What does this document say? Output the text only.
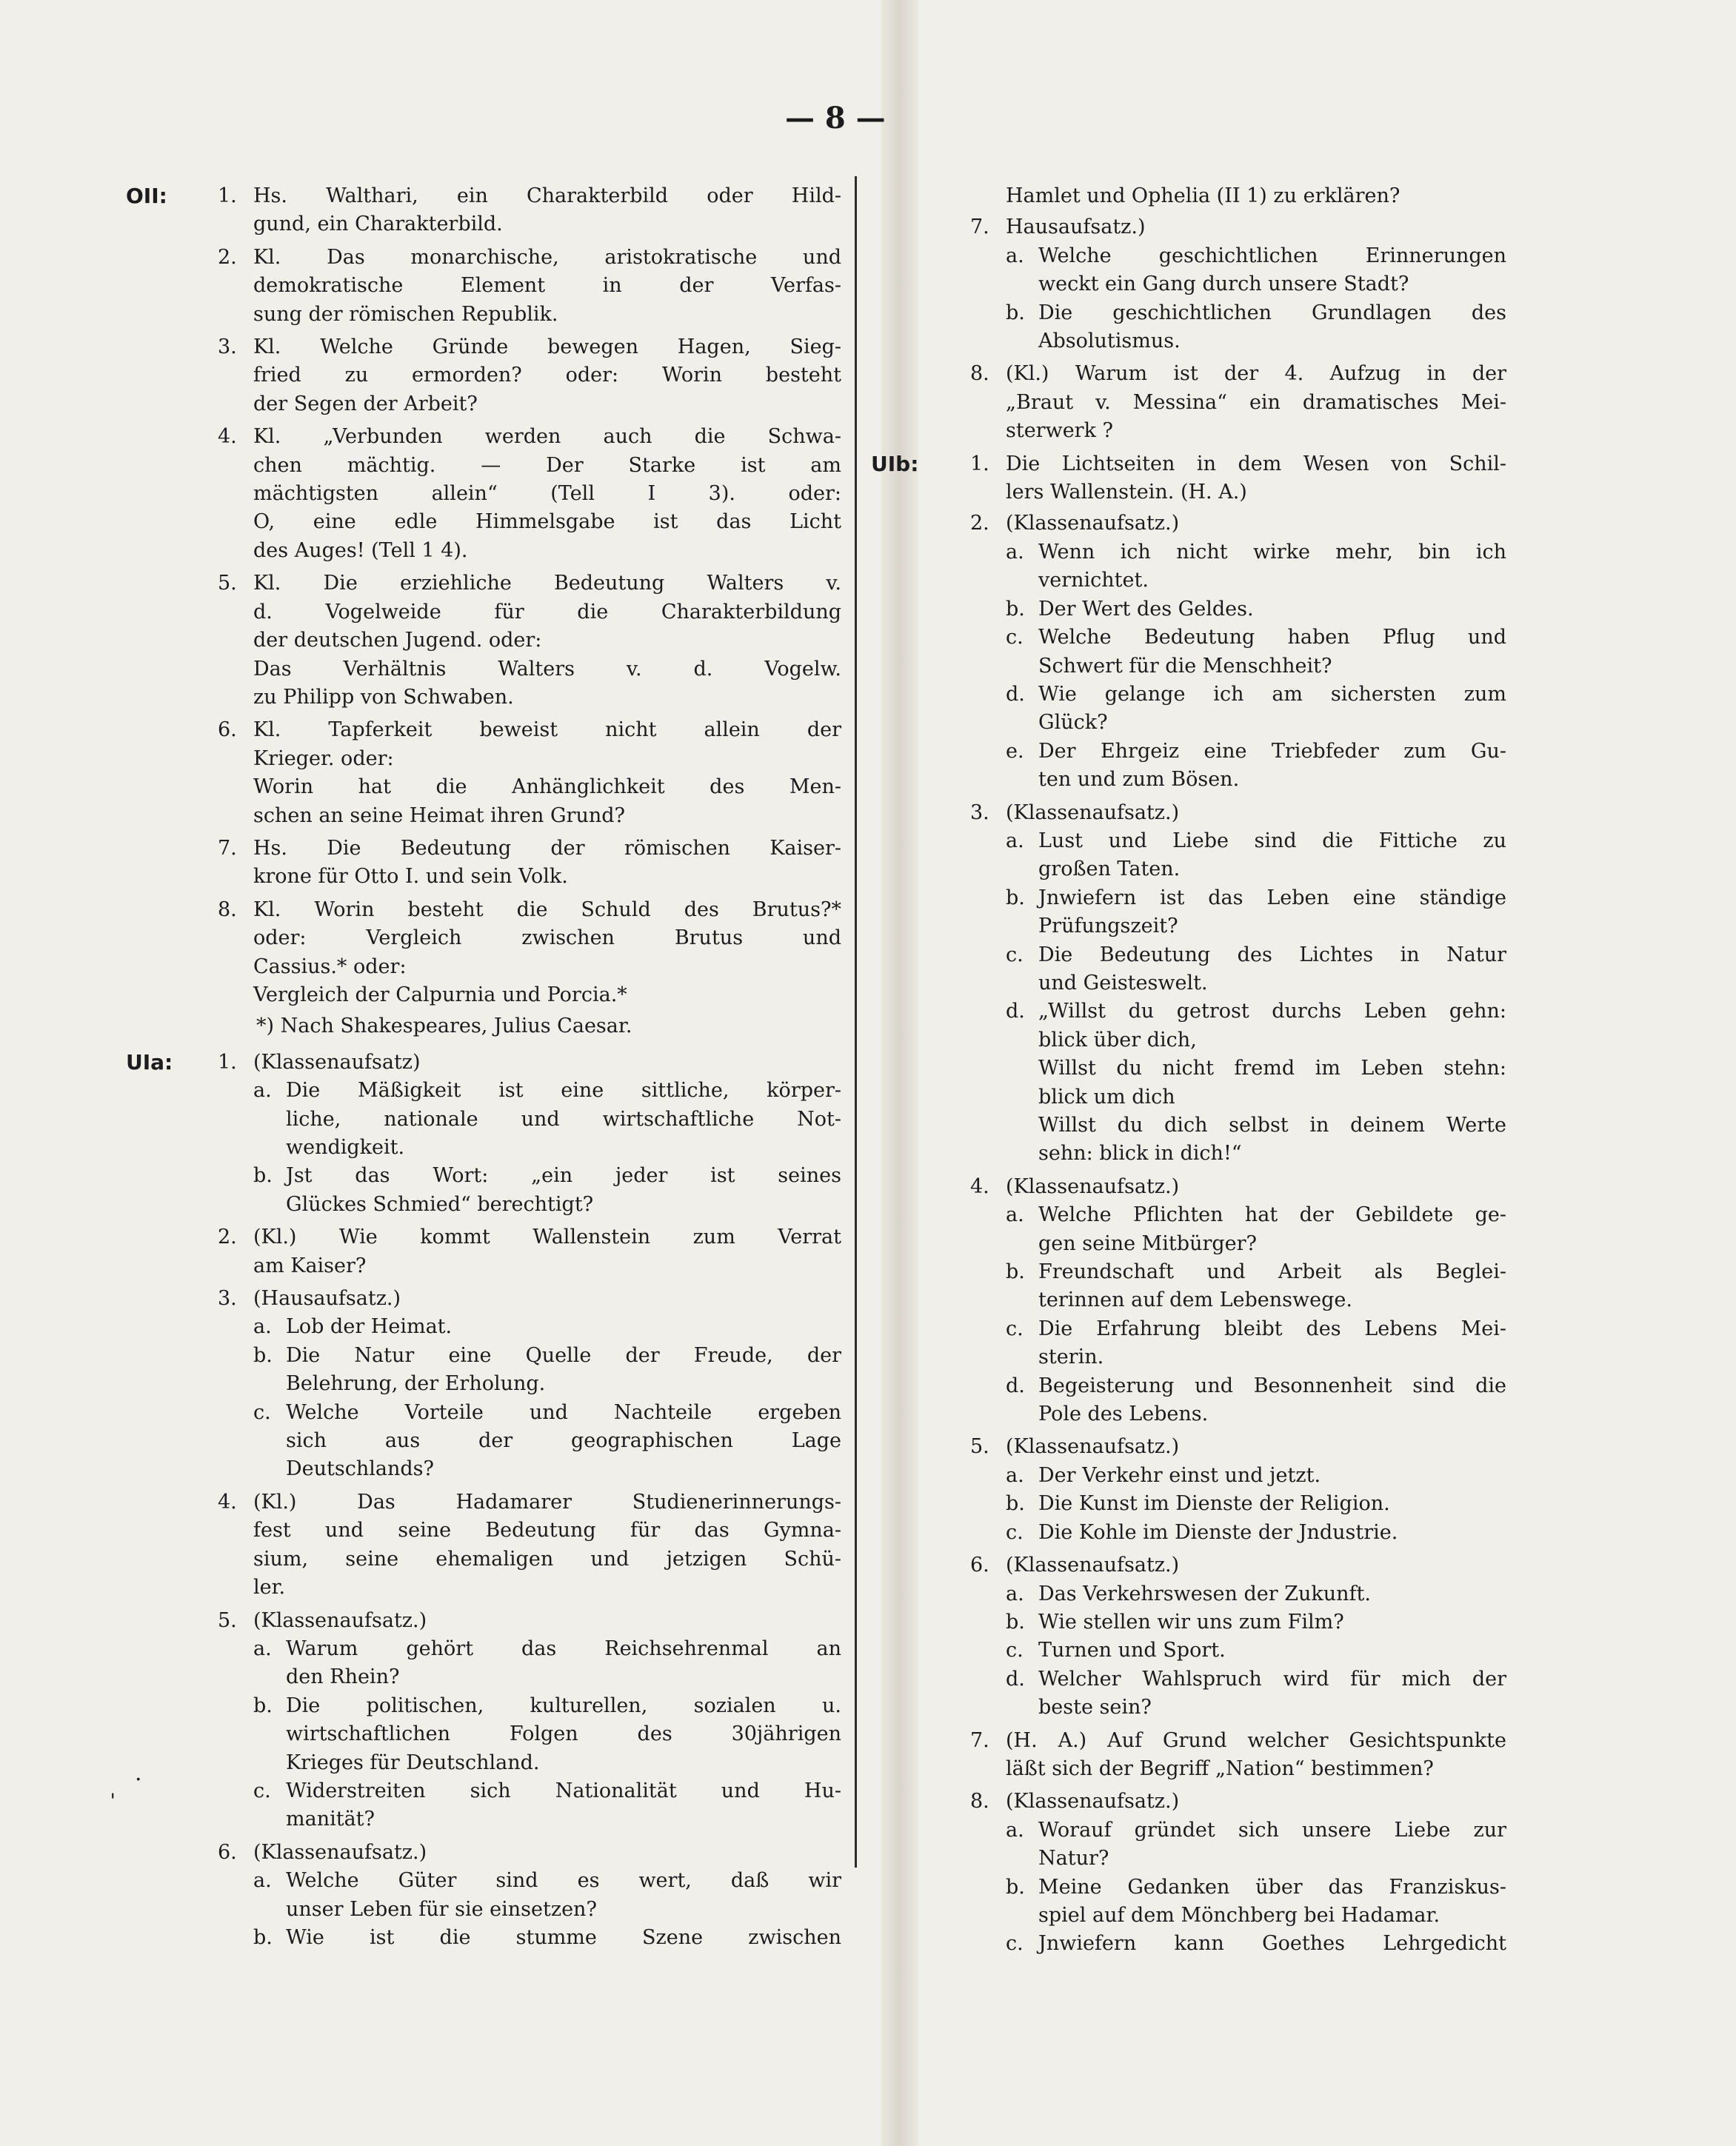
— 8 —
OII:	1. Hs. Walthari, ein Charakterbild oder Hild-
gund, ein Charakterbild.
2. Kl. Das monarchische, aristokratische und
demokratische Element in der Verfas-
sung der römischen Republik.
3. Kl. Welche Gründe bewegen Hagen, Sieg-
fried zu ermorden? oder: Worin besteht
der Segen der Arbeit?
4. Kl. „Verbunden werden auch die Schwa-
chen mächtig. — Der Starke ist am
mächtigsten allein“ (Tell I 3). oder:
O, eine edle Himmelsgabe ist das Licht
des Auges! (Tell 1 4).
5. Kl. Die erziehliche Bedeutung Walters v.
d. Vogelweide für die Charakterbildung
der deutschen Jugend. oder:
Das Verhältnis Walters v. d. Vogelw.
zu Philipp von Schwaben.
6. Kl. Tapferkeit beweist nicht allein der
Krieger. oder:
Worin hat die Anhänglichkeit des Men-
schen an seine Heimat ihren Grund?
7. Hs. Die Bedeutung der römischen Kaiser-
krone für Otto I. und sein Volk.
8. Kl. Worin besteht die Schuld des Brutus?*
oder: Vergleich zwischen Brutus und
Cassius.* oder:
Vergleich der Calpurnia und Porcia.*
*) Nach Shakespeares, Julius Caesar.
UIa: 1. (Klassenaufsatz)
a. Die Mäßigkeit ist eine sittliche, körper-
liche, nationale und wirtschaftliche Not-
wendigkeit.
b. Jst das Wort: „ein jeder ist seines
Glückes Schmied“ berechtigt?
2. (Kl.) Wie kommt Wallenstein zum Verrat
am Kaiser?
3. (Hausaufsatz.)
a. Lob der Heimat.
b. Die Natur eine Quelle der Freude, der
Belehrung, der Erholung.
c. Welche Vorteile und Nachteile ergeben
sich aus der geographischen Lage
Deutschlands?
4. (Kl.) Das Hadamarer Studienerinnerungs-
fest und seine Bedeutung für das Gymna-
sium, seine ehemaligen und jetzigen Schü-
ler.
5. (Klassenaufsatz.)
a. Warum gehört das Reichsehrenmal an
den Rhein?
b. Die politischen, kulturellen, sozialen u.
wirtschaftlichen Folgen des 30jährigen
Krieges für Deutschland.
c. Widerstreiten sich Nationalität und Hu-
manität?
6. (Klassenaufsatz.)
a. Welche Güter sind es wert, daß wir
unser Leben für sie einsetzen?
b. Wie ist die stumme Szene zwischen
Hamlet und Ophelia (II 1) zu erklären?
7. Hausaufsatz.)
a. Welche geschichtlichen Erinnerungen
weckt ein Gang durch unsere Stadt?
b. Die geschichtlichen Grundlagen des
Absolutismus.
8. (Kl.) Warum ist der 4. Aufzug in der
„Braut v. Messina“ ein dramatisches Mei-
sterwerk ?
UIb:	1. Die Lichtseiten in dem Wesen von Schil-
lers Wallenstein. (H. A.)
2. (Klassenaufsatz.)
a. Wenn ich nicht wirke mehr, bin ich
vernichtet.
b. Der Wert des Geldes.
c. Welche Bedeutung haben Pflug und
Schwert für die Menschheit?
d. Wie gelange ich am sichersten zum
Glück?
e. Der Ehrgeiz eine Triebfeder zum Gu-
ten und zum Bösen.
3. (Klassenaufsatz.)
a. Lust und Liebe sind die Fittiche zu
großen Taten.
b. Jnwiefern ist das Leben eine ständige
Prüfungszeit?
c. Die Bedeutung des Lichtes in Natur
und Geisteswelt.
d. „Willst du getrost durchs Leben gehn:
blick über dich,
Willst du nicht fremd im Leben stehn:
blick um dich
Willst du dich selbst in deinem Werte
sehn: blick in dich!“
4. (Klassenaufsatz.)
a. Welche Pflichten hat der Gebildete ge-
gen seine Mitbürger?
b. Freundschaft und Arbeit als Beglei-
terinnen auf dem Lebenswege.
c. Die Erfahrung bleibt des Lebens Mei-
sterin.
d. Begeisterung und Besonnenheit sind die
Pole des Lebens.
5. (Klassenaufsatz.)
a. Der Verkehr einst und jetzt.
b. Die Kunst im Dienste der Religion.
c. Die Kohle im Dienste der Jndustrie.
6. (Klassenaufsatz.)
a. Das Verkehrswesen der Zukunft.
b. Wie stellen wir uns zum Film?
c. Turnen und Sport.
d. Welcher Wahlspruch wird für mich der
beste sein?
7. (H. A.) Auf Grund welcher Gesichtspunkte
läßt sich der Begriff „Nation“ bestimmen?
8. (Klassenaufsatz.)
a. Worauf gründet sich unsere Liebe zur
Natur?
b. Meine Gedanken über das Franziskus-
spiel auf dem Mönchberg bei Hadamar.
c. Jnwiefern kann Goethes Lehrgedicht
ˌ ·
